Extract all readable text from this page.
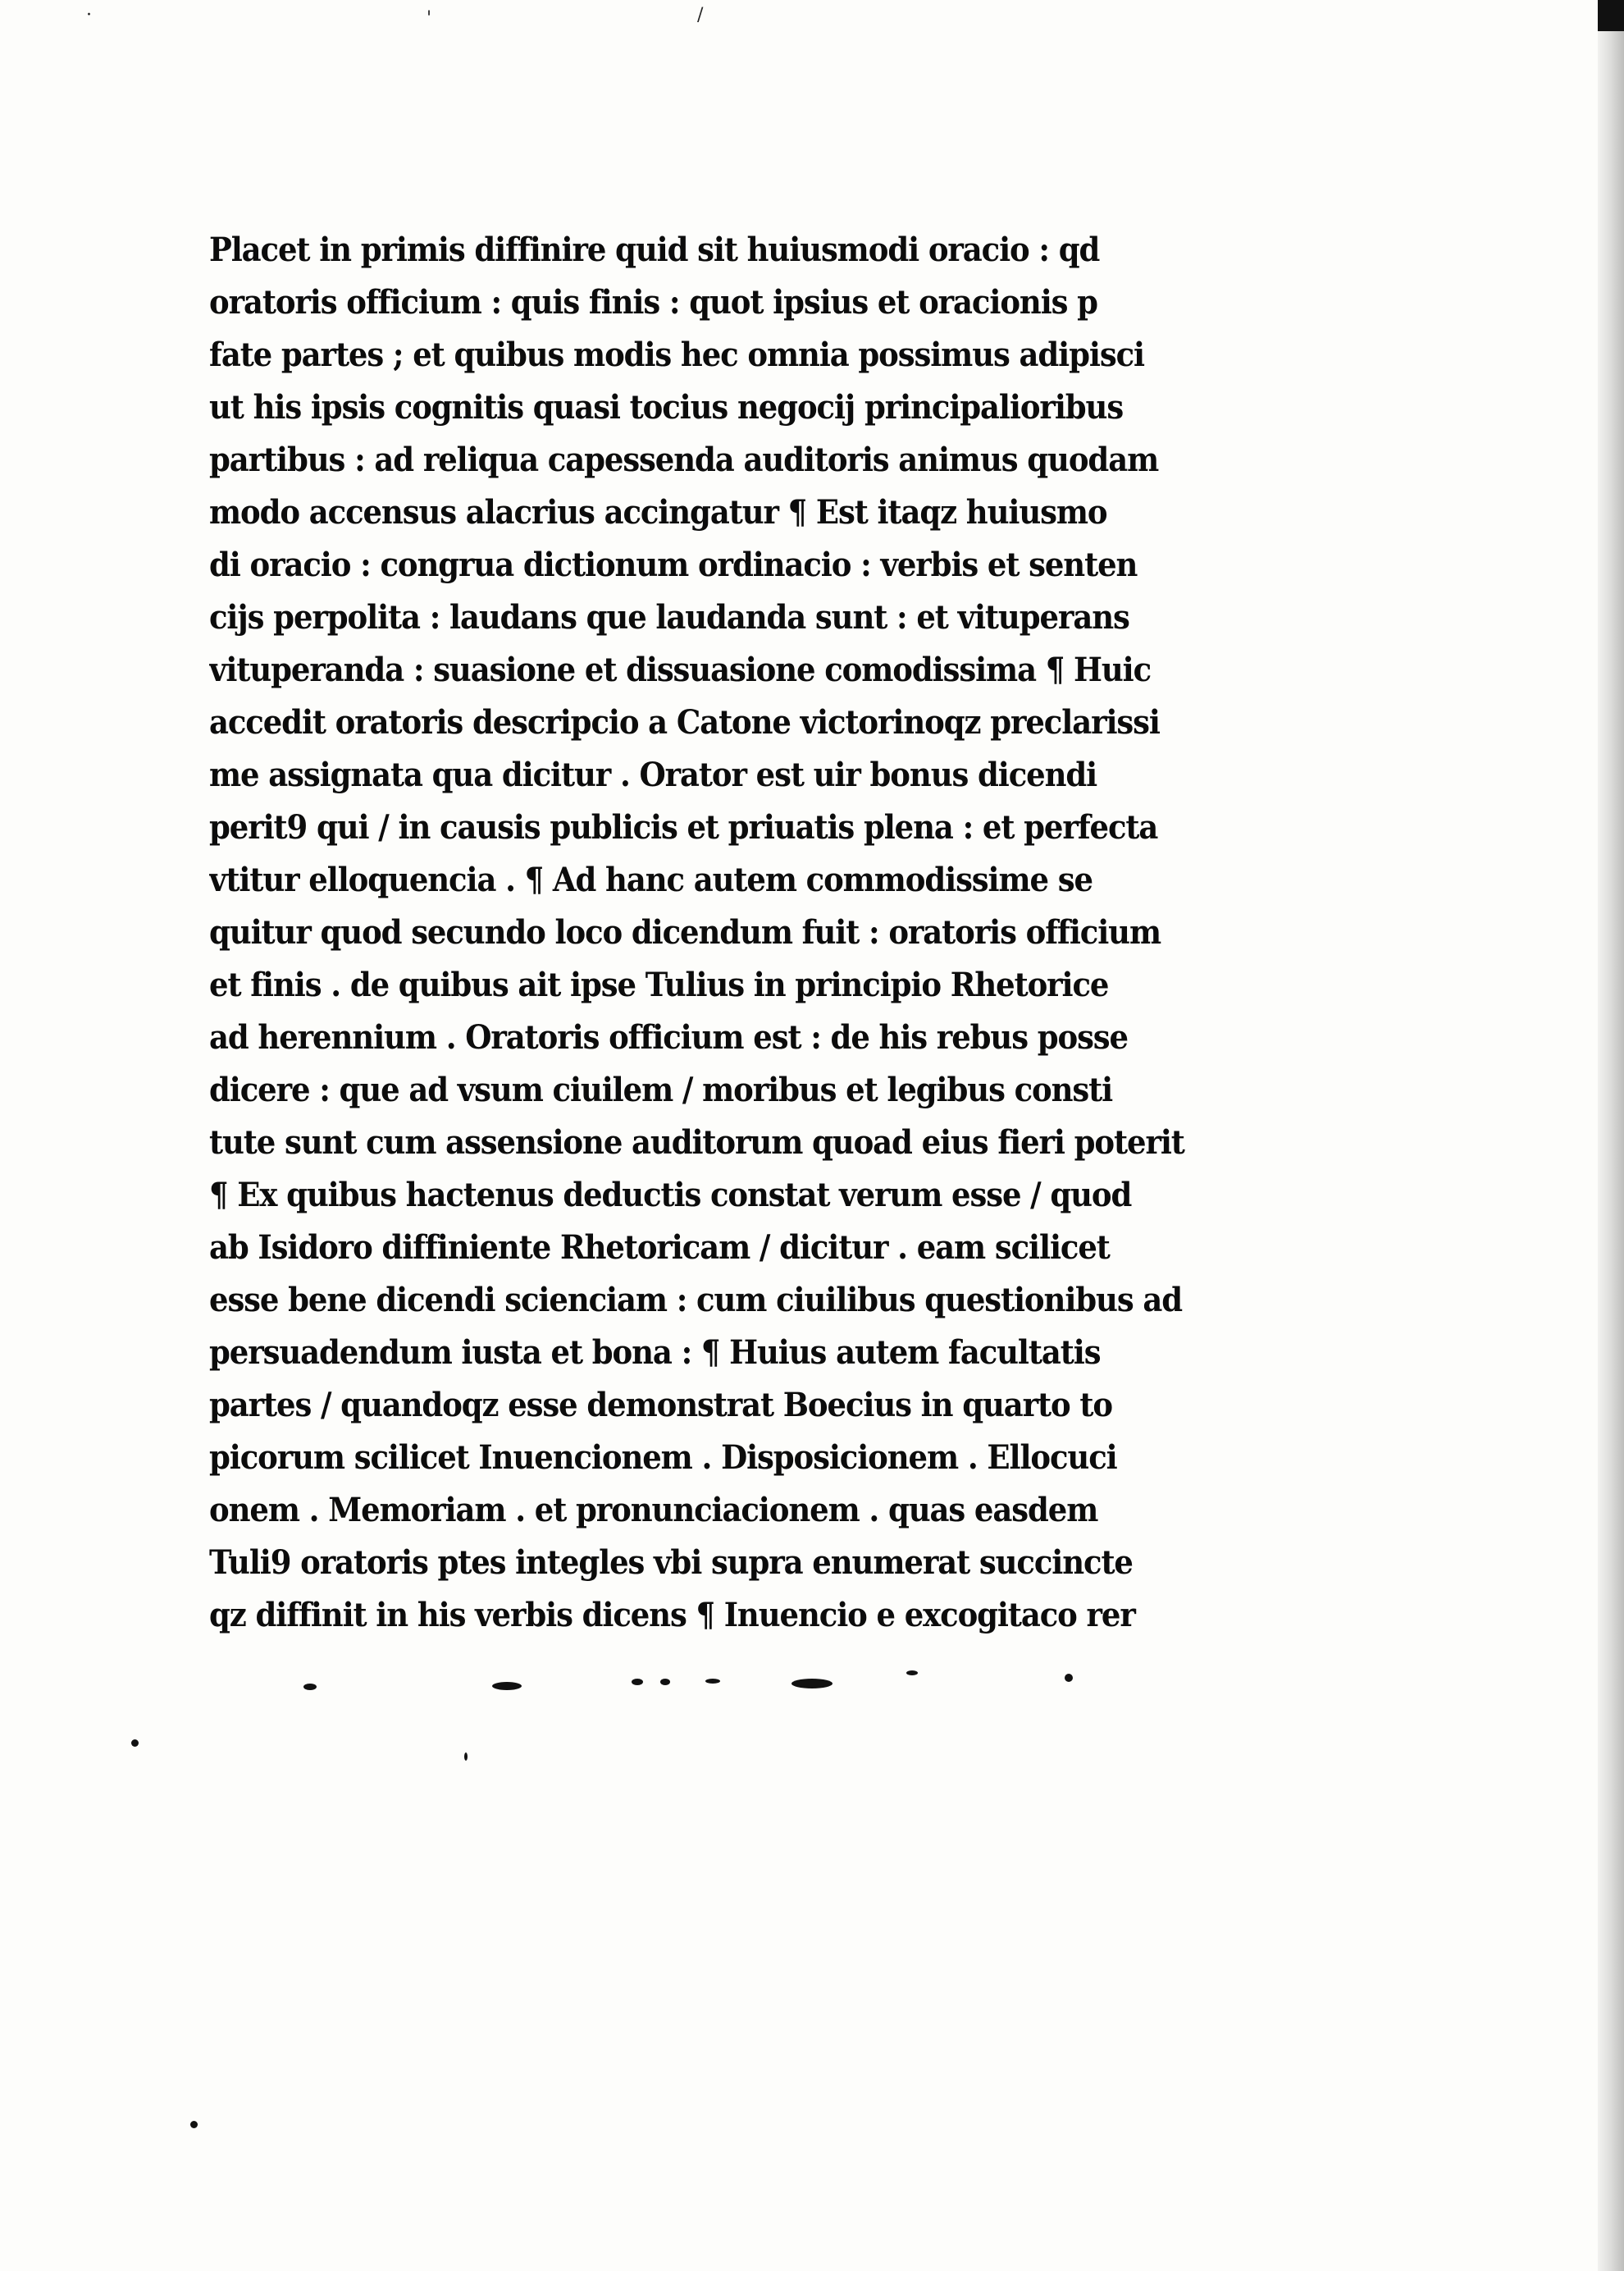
·	'	/
Placet in primis diffinire quid sit huiusmodi oracio : qd
oratoris officium : quis finis : quot ipsius et oracionis p
fate partes ; et quibus modis hec omnia possimus adipisci
ut his ipsis cognitis quasi tocius negocij principalioribus
partibus : ad reliqua capessenda auditoris animus quodam
modo accensus alacrius accingatur ¶ Est itaqz huiusmo
di oracio : congrua dictionum ordinacio : verbis et senten
cijs perpolita : laudans que laudanda sunt : et vituperans
vituperanda : suasione et dissuasione comodissima ¶ Huic
accedit oratoris descripcio a Catone victorinoqz preclarissi
me assignata qua dicitur . Orator est uir bonus dicendi
perit9 qui / in causis publicis et priuatis plena : et perfecta
vtitur elloquencia . ¶ Ad hanc autem commodissime se
quitur quod secundo loco dicendum fuit : oratoris officium
et finis . de quibus ait ipse Tulius in principio Rhetorice
ad herennium . Oratoris officium est : de his rebus posse
dicere : que ad vsum ciuilem / moribus et legibus consti
tute sunt cum assensione auditorum quoad eius fieri poterit
¶ Ex quibus hactenus deductis constat verum esse / quod
ab Isidoro diffiniente Rhetoricam / dicitur . eam scilicet
esse bene dicendi scienciam : cum ciuilibus questionibus ad
persuadendum iusta et bona : ¶ Huius autem facultatis
partes / quandoqz esse demonstrat Boecius in quarto to
picorum scilicet Inuencionem . Disposicionem . Ellocuci
onem . Memoriam . et pronunciacionem . quas easdem
Tuli9 oratoris ptes integles vbi supra enumerat succincte
qz diffinit in his verbis dicens ¶ Inuencio e excogitaco rer
